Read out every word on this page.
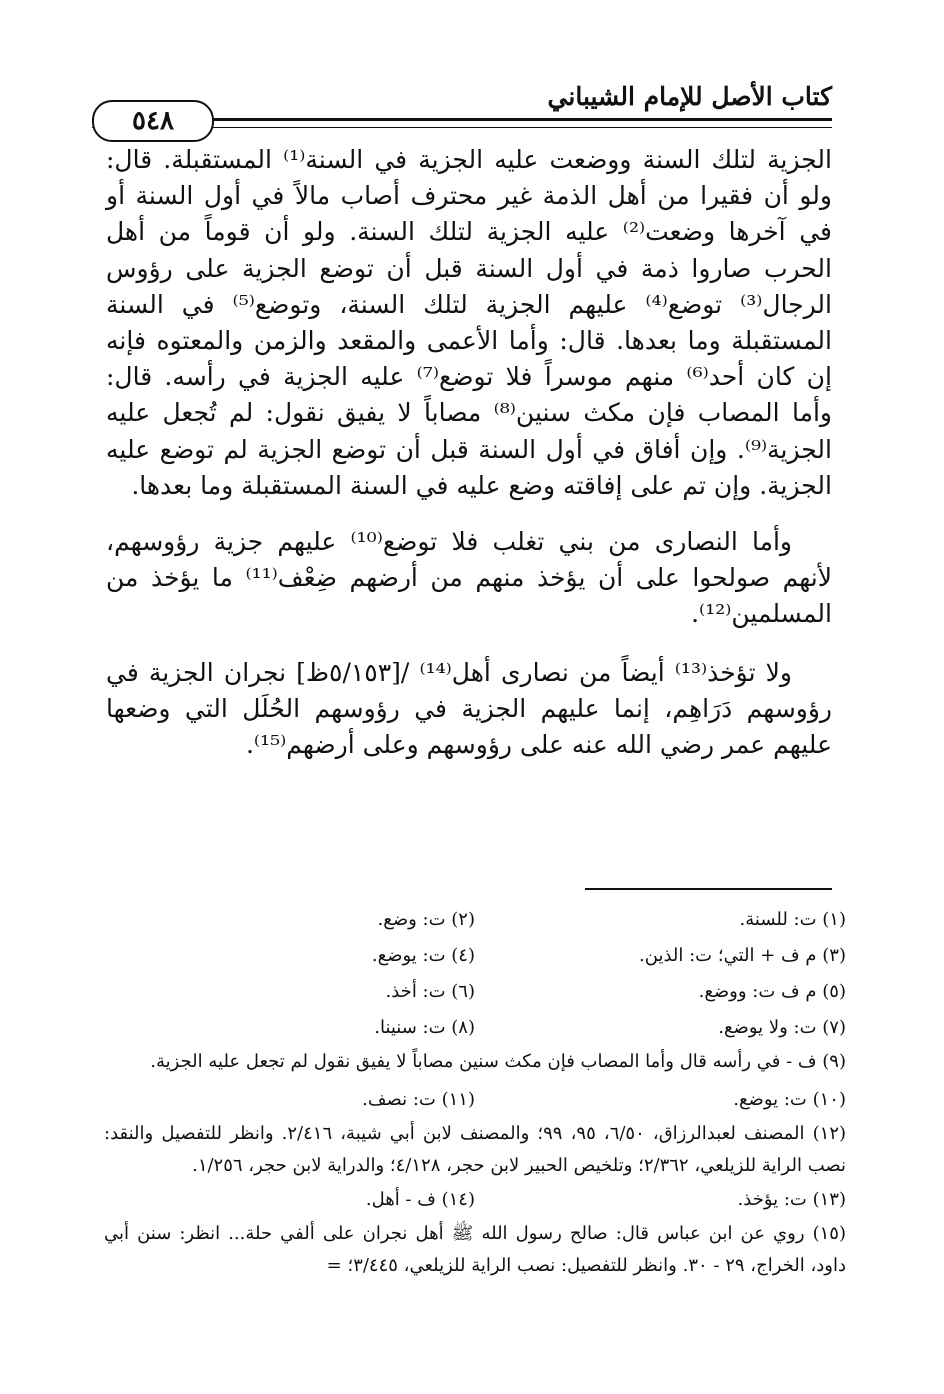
كتاب الأصل للإمام الشيباني
٥٤٨

الجزية لتلك السنة ووضعت عليه الجزية في السنة⁽¹⁾ المستقبلة. قال: ولو أن فقيرا من أهل الذمة غير محترف أصاب مالاً في أول السنة أو في آخرها وضعت⁽²⁾ عليه الجزية لتلك السنة. ولو أن قوماً من أهل الحرب صاروا ذمة في أول السنة قبل أن توضع الجزية على رؤوس الرجال⁽³⁾ توضع⁽⁴⁾ عليهم الجزية لتلك السنة، وتوضع⁽⁵⁾ في السنة المستقبلة وما بعدها. قال: وأما الأعمى والمقعد والزمن والمعتوه فإنه إن كان أحد⁽⁶⁾ منهم موسراً فلا توضع⁽⁷⁾ عليه الجزية في رأسه. قال: وأما المصاب فإن مكث سنين⁽⁸⁾ مصاباً لا يفيق نقول: لم تُجعل عليه الجزية⁽⁹⁾. وإن أفاق في أول السنة قبل أن توضع الجزية لم توضع عليه الجزية. وإن تم على إفاقته وضع عليه في السنة المستقبلة وما بعدها.

وأما النصارى من بني تغلب فلا توضع⁽¹⁰⁾ عليهم جزية رؤوسهم، لأنهم صولحوا على أن يؤخذ منهم من أرضهم ضِعْف⁽¹¹⁾ ما يؤخذ من المسلمين⁽¹²⁾.

ولا تؤخذ⁽¹³⁾ أيضاً من نصارى أهل⁽¹⁴⁾ /[٥/١٥٣ظ] نجران الجزية في رؤوسهم دَرَاهِم، إنما عليهم الجزية في رؤوسهم الحُلَل التي وضعها عليهم عمر رضي الله عنه على رؤوسهم وعلى أرضهم⁽¹⁵⁾.

(١) ت: للسنة.
(٢) ت: وضع.
(٣) م ف + التي؛ ت: الذين.
(٤) ت: يوضع.
(٥) م ف ت: ووضع.
(٦) ت: أخذ.
(٧) ت: ولا يوضع.
(٨) ت: سنينا.
(٩) ف - في رأسه قال وأما المصاب فإن مكث سنين مصاباً لا يفيق نقول لم تجعل عليه الجزية.
(١٠) ت: يوضع.
(١١) ت: نصف.
(١٢) المصنف لعبدالرزاق، ٦/٥٠، ٩٥، ٩٩؛ والمصنف لابن أبي شيبة، ٢/٤١٦. وانظر للتفصيل والنقد: نصب الراية للزيلعي، ٢/٣٦٢؛ وتلخيص الحبير لابن حجر، ٤/١٢٨؛ والدراية لابن حجر، ١/٢٥٦.
(١٣) ت: يؤخذ.
(١٤) ف - أهل.
(١٥) روي عن ابن عباس قال: صالح رسول الله ﷺ أهل نجران على ألفي حلة... انظر: سنن أبي داود، الخراج، ٢٩ - ٣٠. وانظر للتفصيل: نصب الراية للزيلعي، ٣/٤٤٥؛ =
